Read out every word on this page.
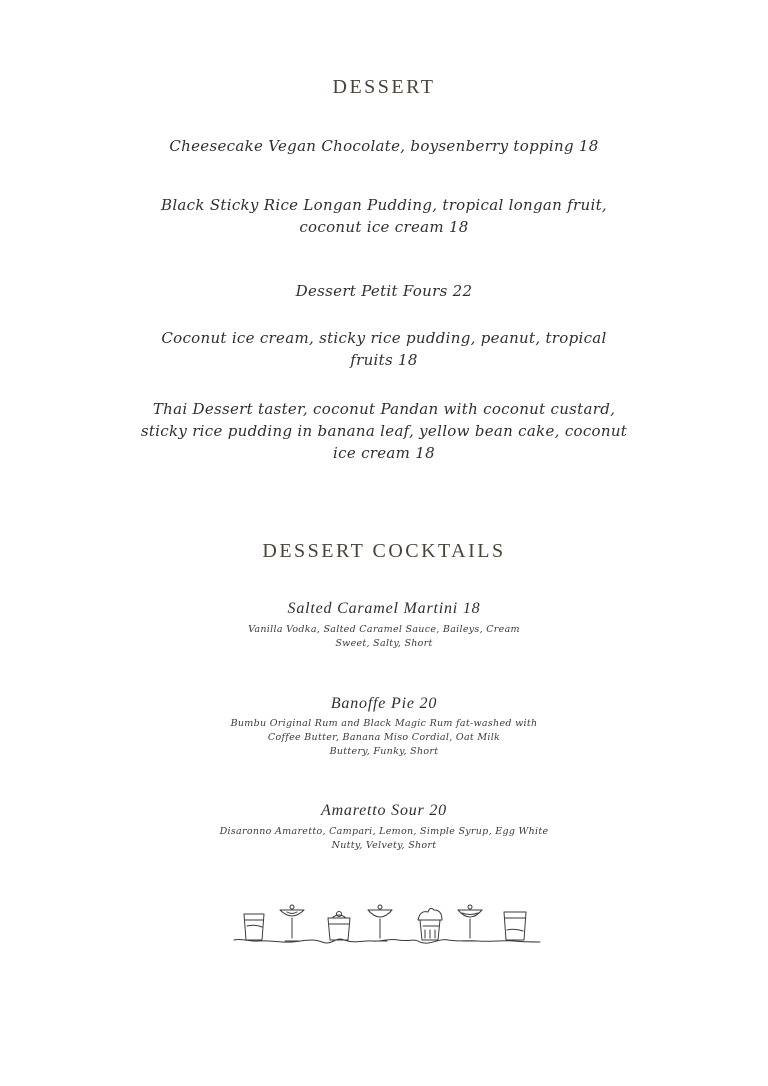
DESSERT
Cheesecake Vegan Chocolate, boysenberry topping 18
Black Sticky Rice Longan Pudding, tropical longan fruit,
coconut ice cream 18
Dessert Petit Fours 22
Coconut ice cream, sticky rice pudding, peanut, tropical
fruits 18
Thai Dessert taster, coconut Pandan with coconut custard,
sticky rice pudding in banana leaf, yellow bean cake, coconut
ice cream 18
DESSERT COCKTAILS
Salted Caramel Martini 18
Vanilla Vodka, Salted Caramel Sauce, Baileys, Cream
Sweet, Salty, Short
Banoffe Pie 20
Bumbu Original Rum and Black Magic Rum fat-washed with
Coffee Butter, Banana Miso Cordial, Oat Milk
Buttery, Funky, Short
Amaretto Sour 20
Disaronno Amaretto, Campari, Lemon, Simple Syrup, Egg White
Nutty, Velvety, Short
